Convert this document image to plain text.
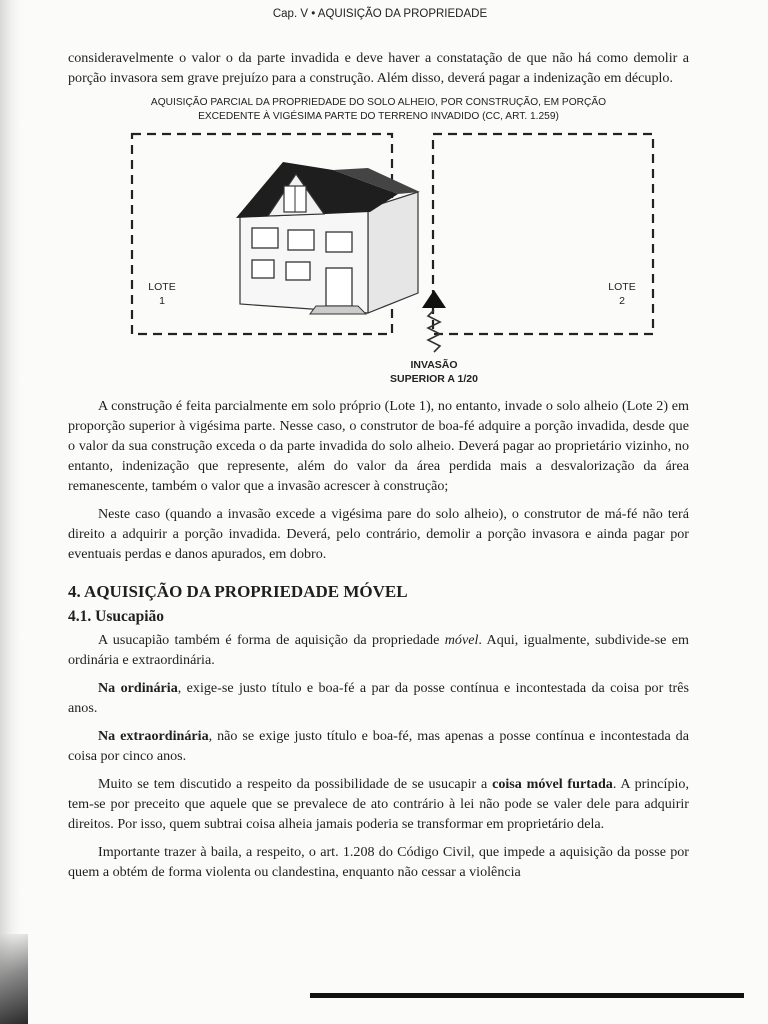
Cap. V • AQUISIÇÃO DA PROPRIEDADE

consideravelmente o valor o da parte invadida e deve haver a constatação de que não há como demolir a porção invasora sem grave prejuízo para a construção. Além disso, deverá pagar a indenização em décuplo.

AQUISIÇÃO PARCIAL DA PROPRIEDADE DO SOLO ALHEIO, POR CONSTRUÇÃO, EM PORÇÃO
EXCEDENTE À VIGÉSIMA PARTE DO TERRENO INVADIDO (CC, ART. 1.259)
LOTE
1
LOTE
2
INVASÃO
SUPERIOR A 1/20

A construção é feita parcialmente em solo próprio (Lote 1), no entanto, invade o solo alheio (Lote 2) em proporção superior à vigésima parte. Nesse caso, o construtor de boa-fé adquire a porção invadida, desde que o valor da sua construção exceda o da parte invadida do solo alheio. Deverá pagar ao proprietário vizinho, no entanto, indenização que represente, além do valor da área perdida mais a desvalorização da área remanescente, também o valor que a invasão acrescer à construção;

Neste caso (quando a invasão excede a vigésima pare do solo alheio), o construtor de má-fé não terá direito a adquirir a porção invadida. Deverá, pelo contrário, demolir a porção invasora e ainda pagar por eventuais perdas e danos apurados, em dobro.

4. AQUISIÇÃO DA PROPRIEDADE MÓVEL
4.1. Usucapião

A usucapião também é forma de aquisição da propriedade móvel. Aqui, igualmente, subdivide-se em ordinária e extraordinária.

Na ordinária, exige-se justo título e boa-fé a par da posse contínua e incontestada da coisa por três anos.

Na extraordinária, não se exige justo título e boa-fé, mas apenas a posse contínua e incontestada da coisa por cinco anos.

Muito se tem discutido a respeito da possibilidade de se usucapir a coisa móvel furtada. A princípio, tem-se por preceito que aquele que se prevalece de ato contrário à lei não pode se valer dele para adquirir direitos. Por isso, quem subtrai coisa alheia jamais poderia se transformar em proprietário dela.

Importante trazer à baila, a respeito, o art. 1.208 do Código Civil, que impede a aquisição da posse por quem a obtém de forma violenta ou clandestina, enquanto não cessar a violência
